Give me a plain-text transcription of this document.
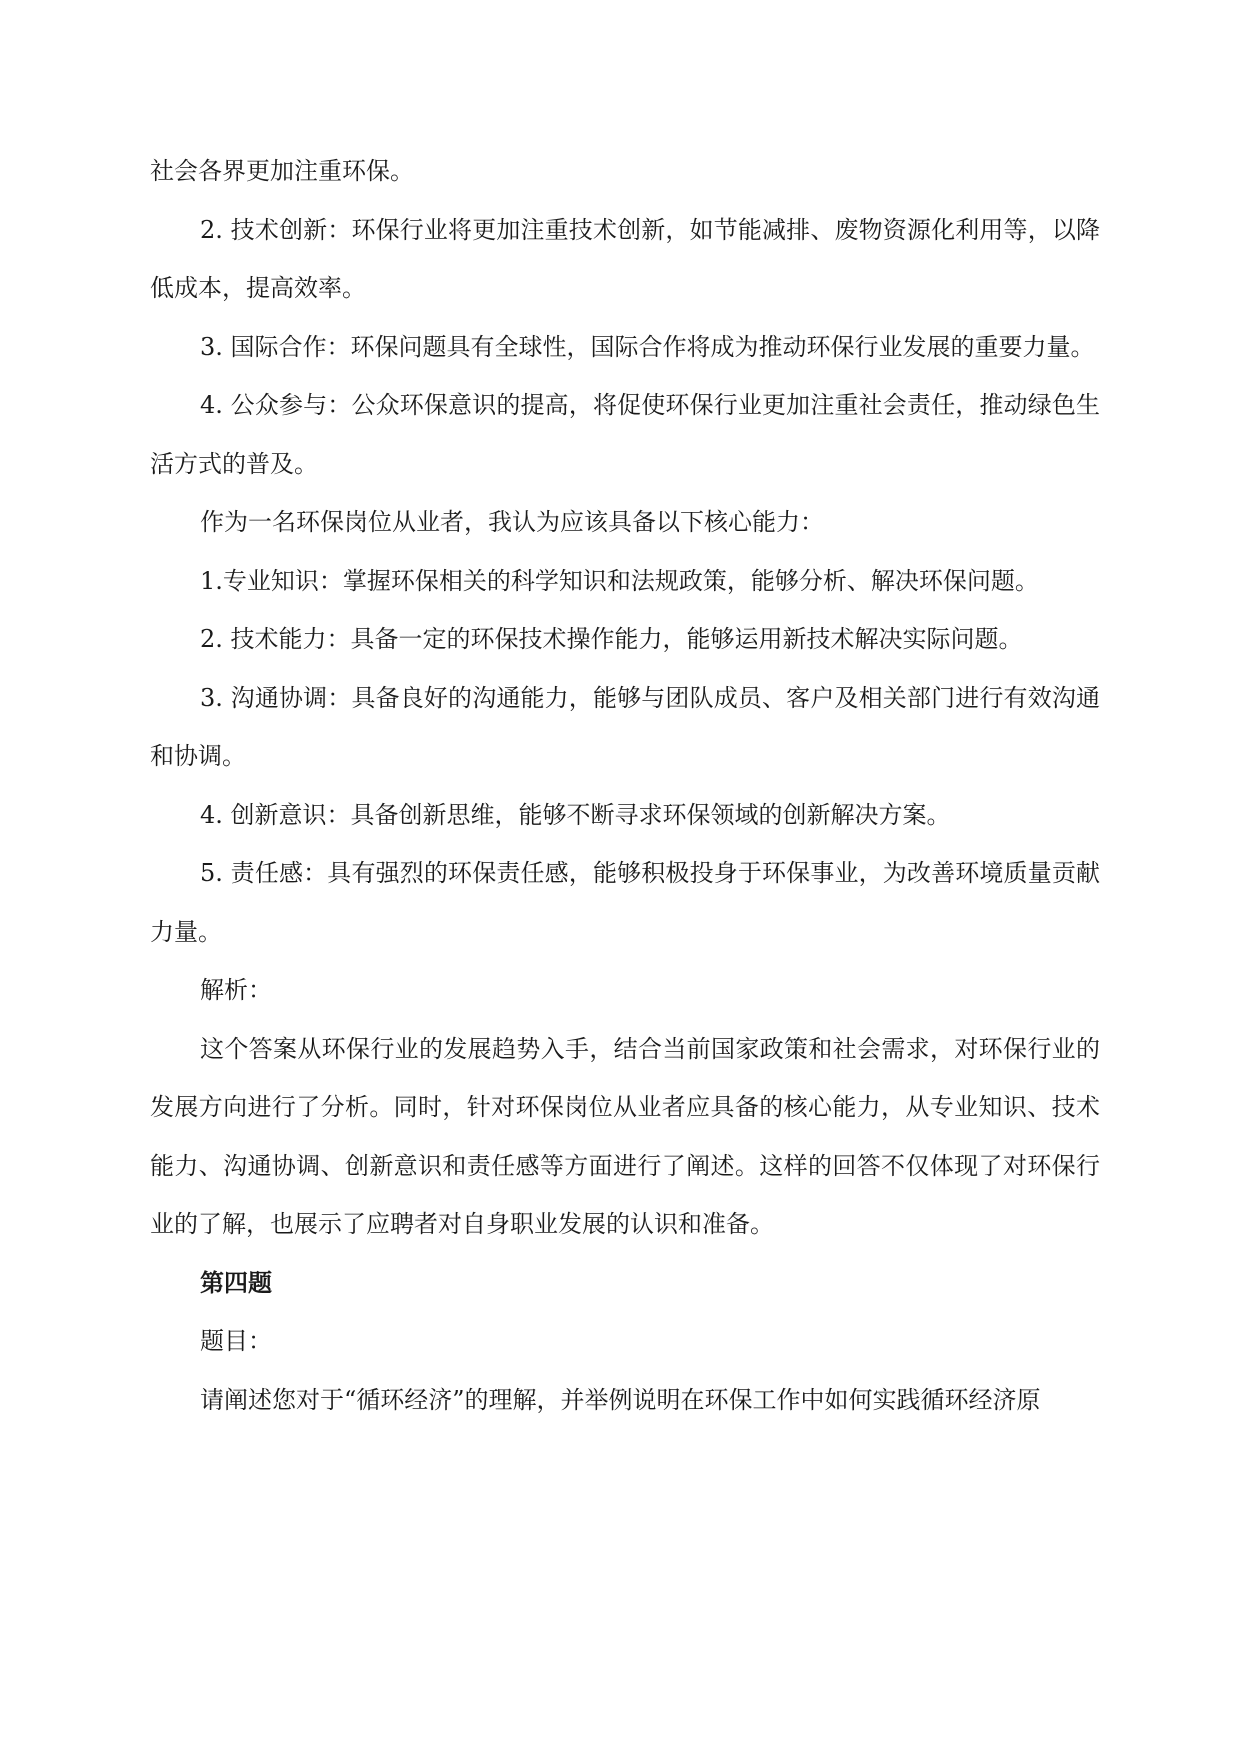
社会各界更加注重环保。

2. 技术创新：环保行业将更加注重技术创新，如节能减排、废物资源化利用等，以降低成本，提高效率。

3. 国际合作：环保问题具有全球性，国际合作将成为推动环保行业发展的重要力量。

4. 公众参与：公众环保意识的提高，将促使环保行业更加注重社会责任，推动绿色生活方式的普及。

作为一名环保岗位从业者，我认为应该具备以下核心能力：

1.专业知识：掌握环保相关的科学知识和法规政策，能够分析、解决环保问题。

2. 技术能力：具备一定的环保技术操作能力，能够运用新技术解决实际问题。

3. 沟通协调：具备良好的沟通能力，能够与团队成员、客户及相关部门进行有效沟通和协调。

4. 创新意识：具备创新思维，能够不断寻求环保领域的创新解决方案。

5. 责任感：具有强烈的环保责任感，能够积极投身于环保事业，为改善环境质量贡献力量。

解析：

这个答案从环保行业的发展趋势入手，结合当前国家政策和社会需求，对环保行业的发展方向进行了分析。同时，针对环保岗位从业者应具备的核心能力，从专业知识、技术能力、沟通协调、创新意识和责任感等方面进行了阐述。这样的回答不仅体现了对环保行业的了解，也展示了应聘者对自身职业发展的认识和准备。

第四题

题目：

请阐述您对于“循环经济”的理解，并举例说明在环保工作中如何实践循环经济原
